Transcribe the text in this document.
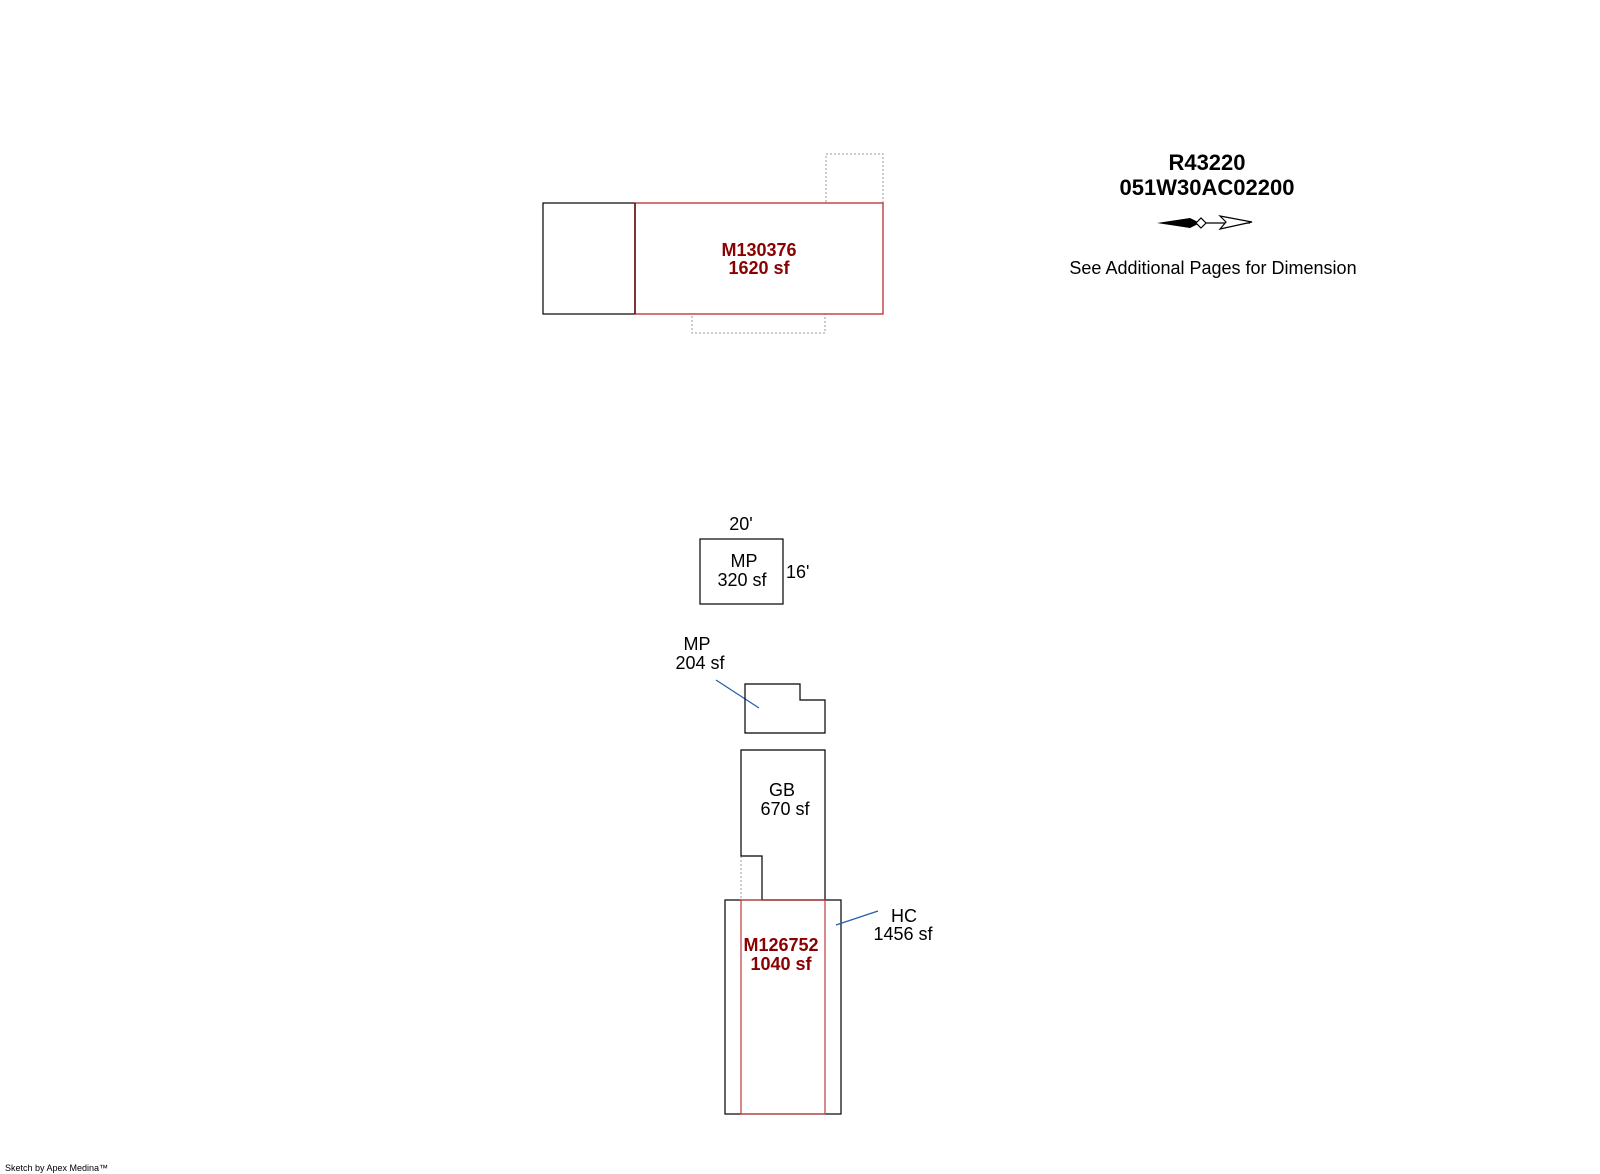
R43220
051W30AC02200
See Additional Pages for Dimension
M130376
1620 sf
20'
MP
320 sf 16'
MP
204 sf
GB
670 sf
M126752
1040 sf
HC
1456 sf
Sketch by Apex Medina™
